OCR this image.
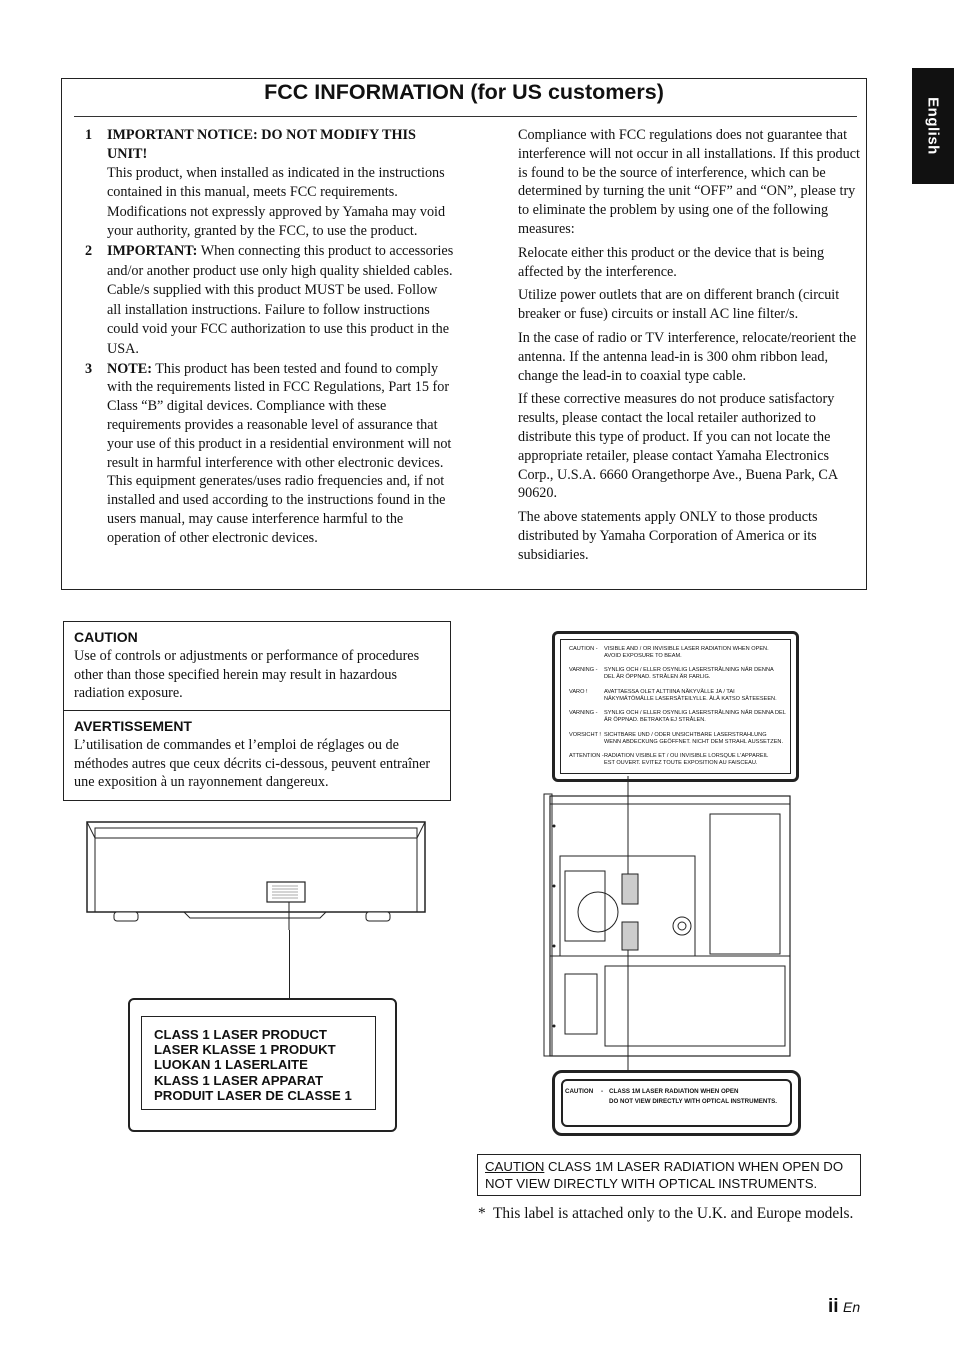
English
FCC INFORMATION (for US customers)
1	IMPORTANT NOTICE: DO NOT MODIFY THIS UNIT!

This product, when installed as indicated in the instructions contained in this manual, meets FCC requirements. Modifications not expressly approved by Yamaha may void your authority, granted by the FCC, to use the product.

2	IMPORTANT: When connecting this product to accessories and/or another product use only high quality shielded cables. Cable/s supplied with this product MUST be used. Follow all installation instructions. Failure to follow instructions could void your FCC authorization to use this product in the USA.

3	NOTE: This product has been tested and found to comply with the requirements listed in FCC Regulations, Part 15 for Class “B” digital devices. Compliance with these requirements provides a reasonable level of assurance that your use of this product in a residential environment will not result in harmful interference with other electronic devices.

This equipment generates/uses radio frequencies and, if not installed and used according to the instructions found in the users manual, may cause interference harmful to the operation of other electronic devices.

Compliance with FCC regulations does not guarantee that interference will not occur in all installations. If this product is found to be the source of interference, which can be determined by turning the unit “OFF” and “ON”, please try to eliminate the problem by using one of the following measures:

Relocate either this product or the device that is being affected by the interference.

Utilize power outlets that are on different branch (circuit breaker or fuse) circuits or install AC line filter/s.

In the case of radio or TV interference, relocate/reorient the antenna. If the antenna lead-in is 300 ohm ribbon lead, change the lead-in to coaxial type cable.

If these corrective measures do not produce satisfactory results, please contact the local retailer authorized to distribute this type of product. If you can not locate the appropriate retailer, please contact Yamaha Electronics Corp., U.S.A. 6660 Orangethorpe Ave., Buena Park, CA 90620.

The above statements apply ONLY to those products distributed by Yamaha Corporation of America or its subsidiaries.

CAUTION
Use of controls or adjustments or performance of procedures other than those specified herein may result in hazardous radiation exposure.
AVERTISSEMENT
L’utilisation de commandes et l’emploi de réglages ou de méthodes autres que ceux décrits ci-dessous, peuvent entraîner une exposition à un rayonnement dangereux.
CLASS 1 LASER PRODUCT
LASER KLASSE 1 PRODUKT
LUOKAN 1 LASERLAITE
KLASS 1 LASER APPARAT
PRODUIT LASER DE CLASSE 1
CAUTION - VISIBLE AND / OR INVISIBLE LASER RADIATION WHEN OPEN.
AVOID EXPOSURE TO BEAM.
VARNING - SYNLIG OCH / ELLER OSYNLIG LASERSTRÅLNING NÄR DENNA
DEL ÄR ÖPPNAD. STRÅLEN ÄR FARLIG.
VARO !	AVATTAESSA OLET ALTTIINA NÄKYVÄLLE JA / TAI
NÄKYMÄTÖMÄLLE LASERSÄTEILYLLE. ÄLÄ KATSO SÄTEESEEN.
VARNING - SYNLIG OCH / ELLER OSYNLIG LASERSTRÅLNING NÄR DENNA DEL
ÄR ÖPPNAD. BETRAKTA EJ STRÅLEN.
VORSICHT ! SICHTBARE UND / ODER UNSICHTBARE LASERSTRAHLUNG
WENN ABDECKUNG GEÖFFNET. NICHT DEM STRAHL AUSSETZEN.
ATTENTION -RADIATION VISIBLE ET / OU INVISIBLE LORSQUE L'APPAREIL
EST OUVERT. EVITEZ TOUTE EXPOSITION AU FAISCEAU.
CAUTION - CLASS 1M LASER RADIATION WHEN OPEN
DO NOT VIEW DIRECTLY WITH OPTICAL INSTRUMENTS.
CAUTION CLASS 1M LASER RADIATION WHEN OPEN DO NOT VIEW DIRECTLY WITH OPTICAL INSTRUMENTS.
* This label is attached only to the U.K. and Europe models.
ii En
